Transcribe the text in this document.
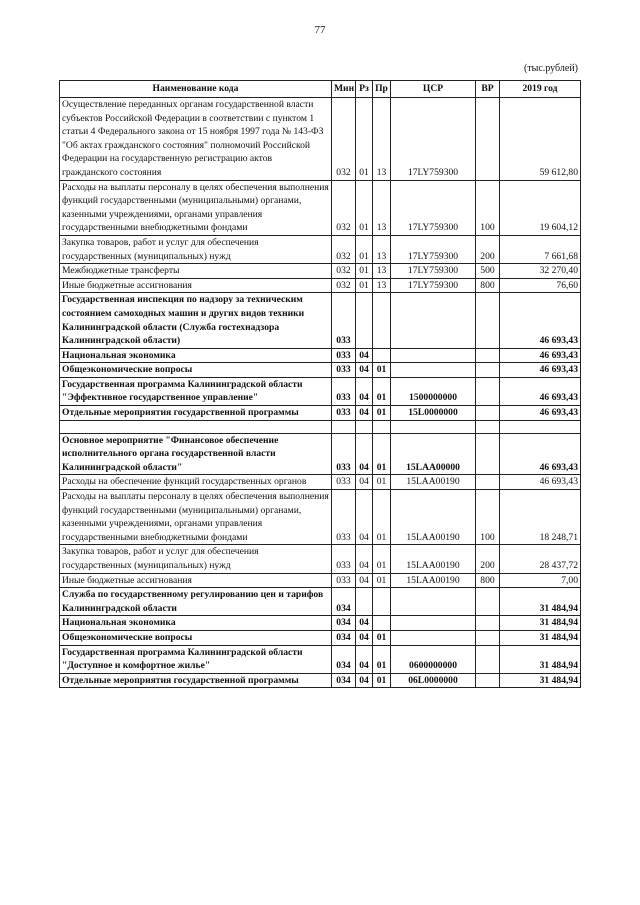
77
(тыс.рублей)
Наименование кода	Мин	Рз	Пр	ЦСР	ВР	2019 год
Осуществление переданных органам государственной власти субъектов Российской Федерации в соответствии с пунктом 1 статьи 4 Федерального закона от 15 ноября 1997 года № 143-ФЗ "Об актах гражданского состояния" полномочий Российской Федерации на государственную регистрацию актов гражданского состояния	032	01	13	17LY759300		59 612,80
Расходы на выплаты персоналу в целях обеспечения выполнения функций государственными (муниципальными) органами, казенными учреждениями, органами управления государственными внебюджетными фондами	032	01	13	17LY759300	100	19 604,12
Закупка товаров, работ и услуг для обеспечения государственных (муниципальных) нужд	032	01	13	17LY759300	200	7 661,68
Межбюджетные трансферты	032	01	13	17LY759300	500	32 270,40
Иные бюджетные ассигнования	032	01	13	17LY759300	800	76,60
Государственная инспекция по надзору за техническим состоянием самоходных машин и других видов техники Калининградской области (Служба гостехнадзора Калининградской области)	033					46 693,43
Национальная экономика	033	04				46 693,43
Общеэкономические вопросы	033	04	01			46 693,43
Государственная программа Калининградской области "Эффективное государственное управление"	033	04	01	1500000000		46 693,43
Отдельные мероприятия государственной программы	033	04	01	15L0000000		46 693,43

Основное мероприятие "Финансовое обеспечение исполнительного органа государственной власти Калининградской области"	033	04	01	15LAA00000		46 693,43
Расходы на обеспечение функций государственных органов	033	04	01	15LAA00190		46 693,43
Расходы на выплаты персоналу в целях обеспечения выполнения функций государственными (муниципальными) органами, казенными учреждениями, органами управления государственными внебюджетными фондами	033	04	01	15LAA00190	100	18 248,71
Закупка товаров, работ и услуг для обеспечения государственных (муниципальных) нужд	033	04	01	15LAA00190	200	28 437,72
Иные бюджетные ассигнования	033	04	01	15LAA00190	800	7,00
Служба по государственному регулированию цен и тарифов Калининградской области	034					31 484,94
Национальная экономика	034	04				31 484,94
Общеэкономические вопросы	034	04	01			31 484,94
Государственная программа Калининградской области "Доступное и комфортное жилье"	034	04	01	0600000000		31 484,94
Отдельные мероприятия государственной программы	034	04	01	06L0000000		31 484,94
